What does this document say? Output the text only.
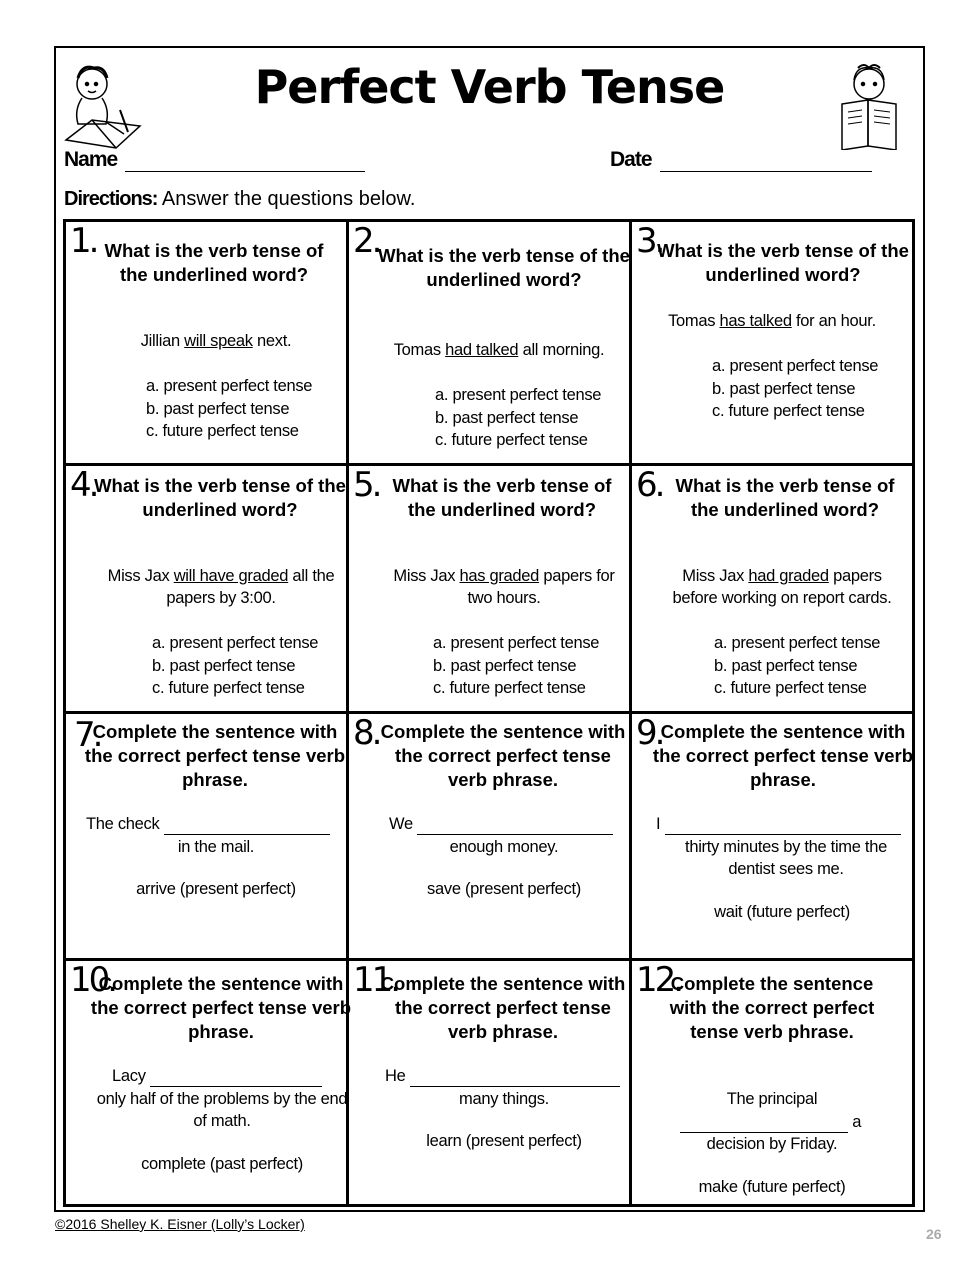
Perfect Verb Tense
Name	Date
Directions: Answer the questions below.
1. What is the verb tense of the underlined word?
Jillian will speak next.
a. present perfect tense
b. past perfect tense
c. future perfect tense
2.
What is the verb tense of the underlined word?
Tomas had talked all morning.
a. present perfect tense
b. past perfect tense
c. future perfect tense
3.
What is the verb tense of the underlined word?
Tomas has talked for an hour.
a. present perfect tense
b. past perfect tense
c. future perfect tense
4.
What is the verb tense of the underlined word?
Miss Jax will have graded all the papers by 3:00.
a. present perfect tense
b. past perfect tense
c. future perfect tense
5. What is the verb tense of the underlined word?
Miss Jax has graded papers for two hours.
a. present perfect tense
b. past perfect tense
c. future perfect tense
6. What is the verb tense of the underlined word?
Miss Jax had graded papers before working on report cards.
a. present perfect tense
b. past perfect tense
c. future perfect tense
7.
Complete the sentence with the correct perfect tense verb phrase.
The check
in the mail.
arrive (present perfect)
8. Complete the sentence with the correct perfect tense verb phrase.
We
enough money.
save (present perfect)
9.
Complete the sentence with the correct perfect tense verb phrase.
I
thirty minutes by the time the dentist sees me.
wait (future perfect)
10.
Complete the sentence with the correct perfect tense verb phrase.
Lacy
only half of the problems by the end of math.
complete (past perfect)
11.
Complete the sentence with the correct perfect tense verb phrase.
He
many things.
learn (present perfect)
12.
Complete the sentence with the correct perfect tense verb phrase.
The principal
a
decision by Friday.
make (future perfect)
©2016 Shelley K. Eisner (Lolly’s Locker)
26
